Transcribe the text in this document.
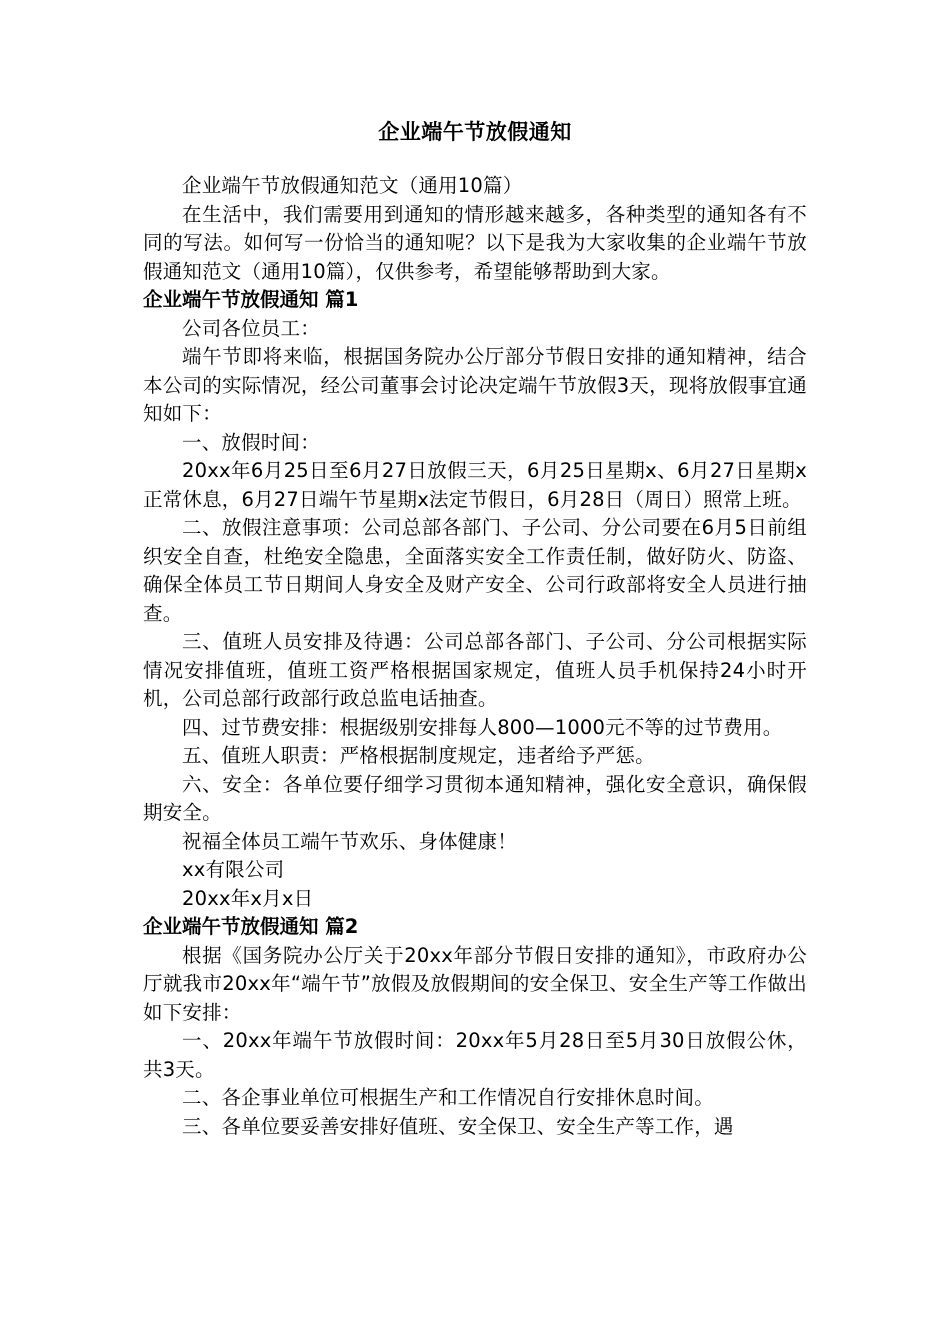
企业端午节放假通知
企业端午节放假通知范文（通用10篇）
在生活中，我们需要用到通知的情形越来越多，各种类型的通知各有不同的写法。如何写一份恰当的通知呢？以下是我为大家收集的企业端午节放假通知范文（通用10篇），仅供参考，希望能够帮助到大家。
企业端午节放假通知 篇1
公司各位员工：
端午节即将来临，根据国务院办公厅部分节假日安排的通知精神，结合本公司的实际情况，经公司董事会讨论决定端午节放假3天，现将放假事宜通知如下：
一、放假时间：
20xx年6月25日至6月27日放假三天，6月25日星期x、6月27日星期x正常休息，6月27日端午节星期x法定节假日，6月28日（周日）照常上班。
二、放假注意事项：公司总部各部门、子公司、分公司要在6月5日前组织安全自查，杜绝安全隐患，全面落实安全工作责任制，做好防火、防盗、确保全体员工节日期间人身安全及财产安全、公司行政部将安全人员进行抽查。
三、值班人员安排及待遇：公司总部各部门、子公司、分公司根据实际情况安排值班，值班工资严格根据国家规定，值班人员手机保持24小时开机，公司总部行政部行政总监电话抽查。
四、过节费安排：根据级别安排每人800—1000元不等的过节费用。
五、值班人职责：严格根据制度规定，违者给予严惩。
六、安全：各单位要仔细学习贯彻本通知精神，强化安全意识，确保假期安全。
祝福全体员工端午节欢乐、身体健康！
xx有限公司
20xx年x月x日
企业端午节放假通知 篇2
根据《国务院办公厅关于20xx年部分节假日安排的通知》，市政府办公厅就我市20xx年“端午节”放假及放假期间的安全保卫、安全生产等工作做出如下安排：
一、20xx年端午节放假时间：20xx年5月28日至5月30日放假公休，共3天。
二、各企事业单位可根据生产和工作情况自行安排休息时间。
三、各单位要妥善安排好值班、安全保卫、安全生产等工作，遇
